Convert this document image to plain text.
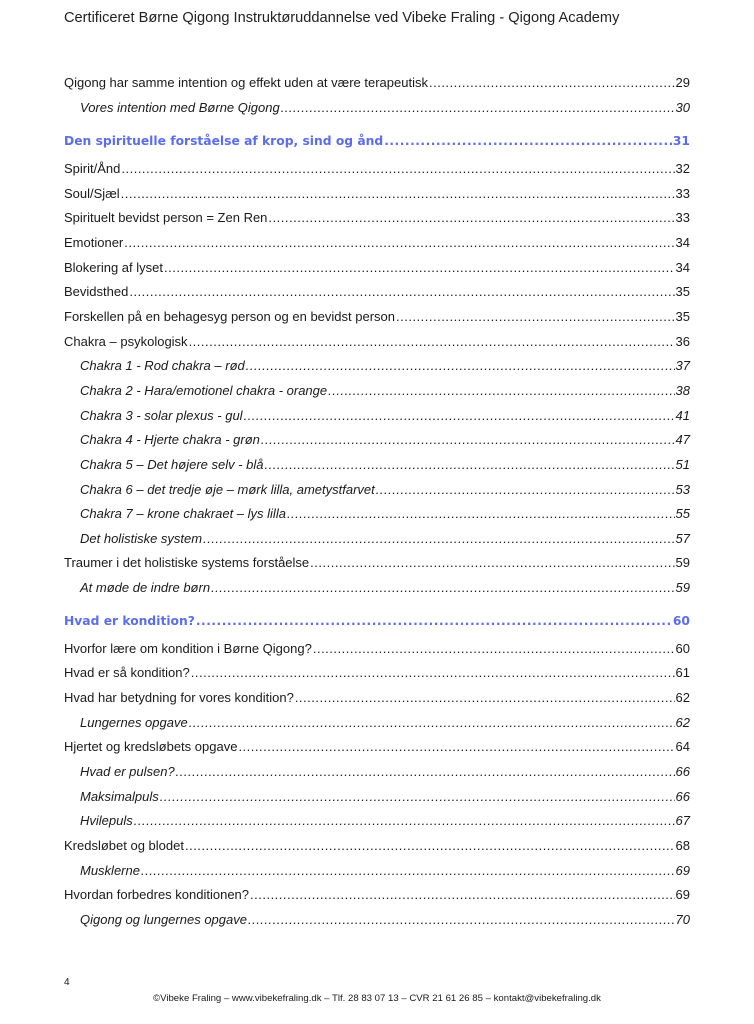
Certificeret Børne Qigong Instruktøruddannelse ved Vibeke Fraling - Qigong Academy
Qigong har samme intention og effekt uden at være terapeutisk .....	29
Vores intention med Børne Qigong .....	30
Den spirituelle forståelse af krop, sind og ånd .....	31
Spirit/Ånd .....	32
Soul/Sjæl .....	33
Spirituelt bevidst person = Zen Ren .....	33
Emotioner .....	34
Blokering af lyset .....	34
Bevidsthed .....	35
Forskellen på en behagesyg person og en bevidst person .....	35
Chakra – psykologisk .....	36
Chakra 1 - Rod chakra – rød .....	37
Chakra 2 - Hara/emotionel chakra - orange .....	38
Chakra 3 - solar plexus - gul .....	41
Chakra 4 - Hjerte chakra - grøn .....	47
Chakra 5 – Det højere selv - blå .....	51
Chakra 6 – det tredje øje – mørk lilla, ametystfarvet .....	53
Chakra 7 – krone chakraet – lys lilla .....	55
Det holistiske system .....	57
Traumer i det holistiske systems forståelse .....	59
At møde de indre børn .....	59
Hvad er kondition? .....	60
Hvorfor lære om kondition i Børne Qigong? .....	60
Hvad er så kondition? .....	61
Hvad har betydning for vores kondition? .....	62
Lungernes opgave .....	62
Hjertet og kredsløbets opgave .....	64
Hvad er pulsen? .....	66
Maksimalpuls .....	66
Hvilepuls .....	67
Kredsløbet og blodet .....	68
Musklerne .....	69
Hvordan forbedres konditionen? .....	69
Qigong og lungernes opgave .....	70
4
©Vibeke Fraling – www.vibekefraling.dk – Tlf. 28 83 07 13 – CVR 21 61 26 85 – kontakt@vibekefraling.dk
